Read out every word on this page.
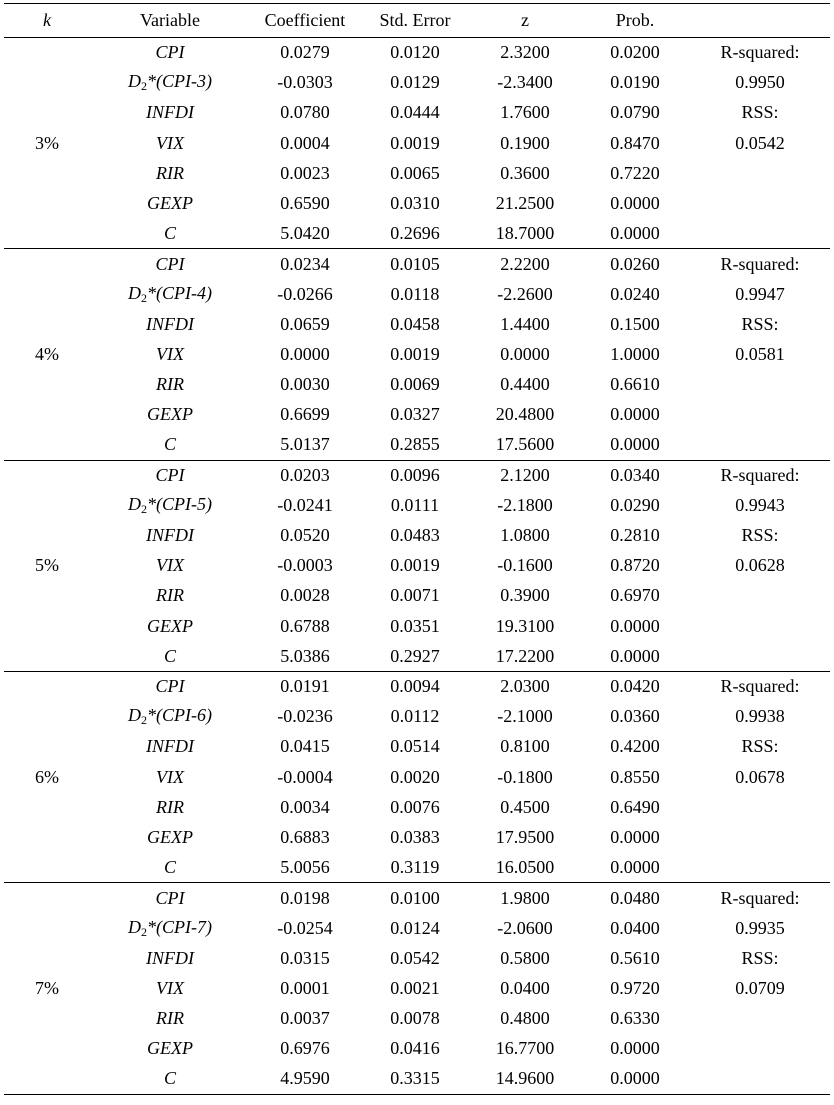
k	Variable	Coefficient	Std. Error	z	Prob.	
3%	CPI	0.0279	0.0120	2.3200	0.0200	R-squared:
	$D_2*(CPI-3)$	-0.0303	0.0129	-2.3400	0.0190	0.9950
	INFDI	0.0780	0.0444	1.7600	0.0790	RSS:
	VIX	0.0004	0.0019	0.1900	0.8470	0.0542
	RIR	0.0023	0.0065	0.3600	0.7220	
	GEXP	0.6590	0.0310	21.2500	0.0000	
	C	5.0420	0.2696	18.7000	0.0000	
4%	CPI	0.0234	0.0105	2.2200	0.0260	R-squared:
	$D_2*(CPI-4)$	-0.0266	0.0118	-2.2600	0.0240	0.9947
	INFDI	0.0659	0.0458	1.4400	0.1500	RSS:
	VIX	0.0000	0.0019	0.0000	1.0000	0.0581
	RIR	0.0030	0.0069	0.4400	0.6610	
	GEXP	0.6699	0.0327	20.4800	0.0000	
	C	5.0137	0.2855	17.5600	0.0000	
5%	CPI	0.0203	0.0096	2.1200	0.0340	R-squared:
	$D_2*(CPI-5)$	-0.0241	0.0111	-2.1800	0.0290	0.9943
	INFDI	0.0520	0.0483	1.0800	0.2810	RSS:
	VIX	-0.0003	0.0019	-0.1600	0.8720	0.0628
	RIR	0.0028	0.0071	0.3900	0.6970	
	GEXP	0.6788	0.0351	19.3100	0.0000	
	C	5.0386	0.2927	17.2200	0.0000	
6%	CPI	0.0191	0.0094	2.0300	0.0420	R-squared:
	$D_2*(CPI-6)$	-0.0236	0.0112	-2.1000	0.0360	0.9938
	INFDI	0.0415	0.0514	0.8100	0.4200	RSS:
	VIX	-0.0004	0.0020	-0.1800	0.8550	0.0678
	RIR	0.0034	0.0076	0.4500	0.6490	
	GEXP	0.6883	0.0383	17.9500	0.0000	
	C	5.0056	0.3119	16.0500	0.0000	
7%	CPI	0.0198	0.0100	1.9800	0.0480	R-squared:
	$D_2*(CPI-7)$	-0.0254	0.0124	-2.0600	0.0400	0.9935
	INFDI	0.0315	0.0542	0.5800	0.5610	RSS:
	VIX	0.0001	0.0021	0.0400	0.9720	0.0709
	RIR	0.0037	0.0078	0.4800	0.6330	
	GEXP	0.6976	0.0416	16.7700	0.0000	
	C	4.9590	0.3315	14.9600	0.0000	
